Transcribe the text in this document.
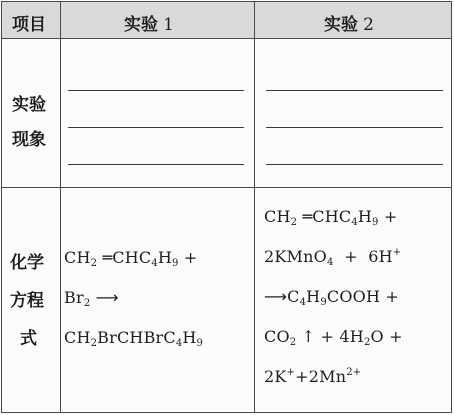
项目	实验 1	实验 2
实验
现象
化学
方程
式
$CH_2$ $═CHC_4H_9$ +
$Br_2$ ⟶
$CH_2BrCHBrC_4H_9$
$CH_2$ $═CHC_4H_9$ +
2KMnO$_4$  +  6H+
$⟶C_4H_9COOH$ +
$CO_2$ ↑ + $4H_2O$ +
$2K^++2Mn^{2+}$
